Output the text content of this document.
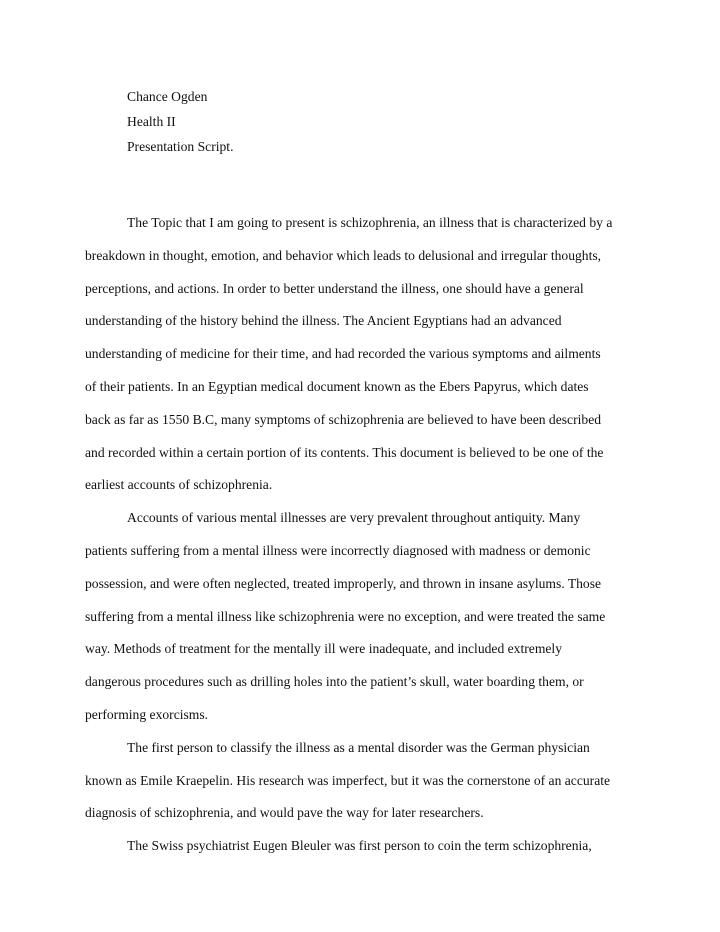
Chance Ogden
Health II
Presentation Script.
The Topic that I am going to present is schizophrenia, an illness that is characterized by a
breakdown in thought, emotion, and behavior which leads to delusional and irregular thoughts,
perceptions, and actions. In order to better understand the illness, one should have a general
understanding of the history behind the illness. The Ancient Egyptians had an advanced
understanding of medicine for their time, and had recorded the various symptoms and ailments
of their patients. In an Egyptian medical document known as the Ebers Papyrus, which dates
back as far as 1550 B.C, many symptoms of schizophrenia are believed to have been described
and recorded within a certain portion of its contents. This document is believed to be one of the
earliest accounts of schizophrenia.
Accounts of various mental illnesses are very prevalent throughout antiquity. Many
patients suffering from a mental illness were incorrectly diagnosed with madness or demonic
possession, and were often neglected, treated improperly, and thrown in insane asylums. Those
suffering from a mental illness like schizophrenia were no exception, and were treated the same
way. Methods of treatment for the mentally ill were inadequate, and included extremely
dangerous procedures such as drilling holes into the patient’s skull, water boarding them, or
performing exorcisms.
The first person to classify the illness as a mental disorder was the German physician
known as Emile Kraepelin. His research was imperfect, but it was the cornerstone of an accurate
diagnosis of schizophrenia, and would pave the way for later researchers.
The Swiss psychiatrist Eugen Bleuler was first person to coin the term schizophrenia,
